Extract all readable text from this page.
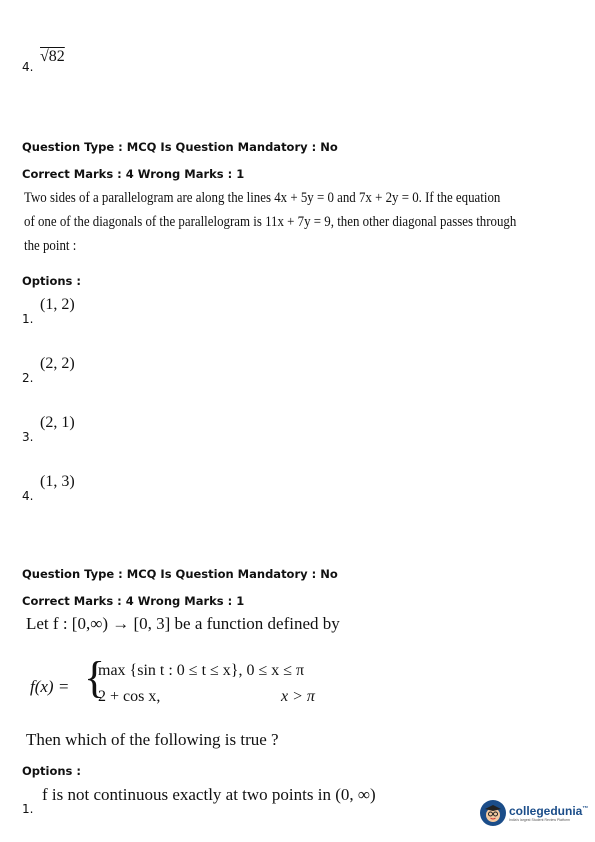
4.
√82
Question Type : MCQ Is Question Mandatory : No
Correct Marks : 4 Wrong Marks : 1
Two sides of a parallelogram are along the lines 4x + 5y = 0 and 7x + 2y = 0. If the equation
of one of the diagonals of the parallelogram is 11x + 7y = 9, then other diagonal passes through
the point :
Options :
1.
(1, 2)
2.
(2, 2)
3.
(2, 1)
4.
(1, 3)
Question Type : MCQ Is Question Mandatory : No
Correct Marks : 4 Wrong Marks : 1
Let f : [0,∞) → [0, 3] be a function defined by
f(x) = {
max {sin t : 0 ≤ t ≤ x}, 0 ≤ x ≤ π
2 + cos x,	x > π
Then which of the following is true ?
Options :
1.
f is not continuous exactly at two points in (0, ∞)
collegedunia™
India's largest Student Review Platform
